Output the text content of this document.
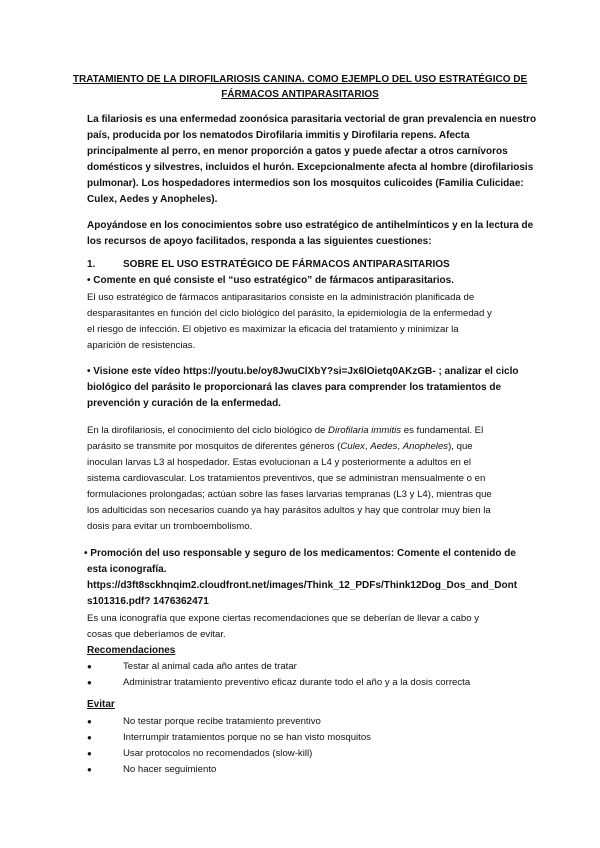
TRATAMIENTO DE LA DIROFILARIOSIS CANINA. COMO EJEMPLO DEL USO ESTRATÉGICO DE
FÁRMACOS ANTIPARASITARIOS
La filariosis es una enfermedad zoonósica parasitaria vectorial de gran prevalencia en nuestro
país, producida por los nematodos Dirofilaria immitis y Dirofilaria repens. Afecta
principalmente al perro, en menor proporción a gatos y puede afectar a otros carnívoros
domésticos y silvestres, incluidos el hurón. Excepcionalmente afecta al hombre (dirofilariosis
pulmonar). Los hospedadores intermedios son los mosquitos culicoides (Familia Culicidae:
Culex, Aedes y Anopheles).
Apoyándose en los conocimientos sobre uso estratégico de antihelmínticos y en la lectura de
los recursos de apoyo facilitados, responda a las siguientes cuestiones:
1.	SOBRE EL USO ESTRATÉGICO DE FÁRMACOS ANTIPARASITARIOS
• Comente en qué consiste el “uso estratégico” de fármacos antiparasitarios.
El uso estratégico de fármacos antiparasitarios consiste en la administración planificada de
desparasitantes en función del ciclo biológico del parásito, la epidemiología de la enfermedad y
el riesgo de infección. El objetivo es maximizar la eficacia del tratamiento y minimizar la
aparición de resistencias.
• Visione este vídeo https://youtu.be/oy8JwuClXbY?si=Jx6lOietq0AKzGB- ; analizar el ciclo
biológico del parásito le proporcionará las claves para comprender los tratamientos de
prevención y curación de la enfermedad.
En la dirofilariosis, el conocimiento del ciclo biológico de Dirofilaria immitis es fundamental. El
parásito se transmite por mosquitos de diferentes géneros (Culex, Aedes, Anopheles), que
inoculan larvas L3 al hospedador. Estas evolucionan a L4 y posteriormente a adultos en el
sistema cardiovascular. Los tratamientos preventivos, que se administran mensualmente o en
formulaciones prolongadas; actúan sobre las fases larvarias tempranas (L3 y L4), mientras que
los adulticidas son necesarios cuando ya hay parásitos adultos y hay que controlar muy bien la
dosis para evitar un tromboembolismo.
• Promoción del uso responsable y seguro de los medicamentos: Comente el contenido de
esta iconografía.
https://d3ft8sckhnqim2.cloudfront.net/images/Think_12_PDFs/Think12Dog_Dos_and_Dont
s101316.pdf? 1476362471
Es una iconografía que expone ciertas recomendaciones que se deberían de llevar a cabo y
cosas que deberíamos de evitar.
Recomendaciones
●	Testar al animal cada año antes de tratar
●	Administrar tratamiento preventivo eficaz durante todo el año y a la dosis correcta
Evitar
●	No testar porque recibe tratamiento preventivo
●	Interrumpir tratamientos porque no se han visto mosquitos
●	Usar protocolos no recomendados (slow-kill)
●	No hacer seguimiento
